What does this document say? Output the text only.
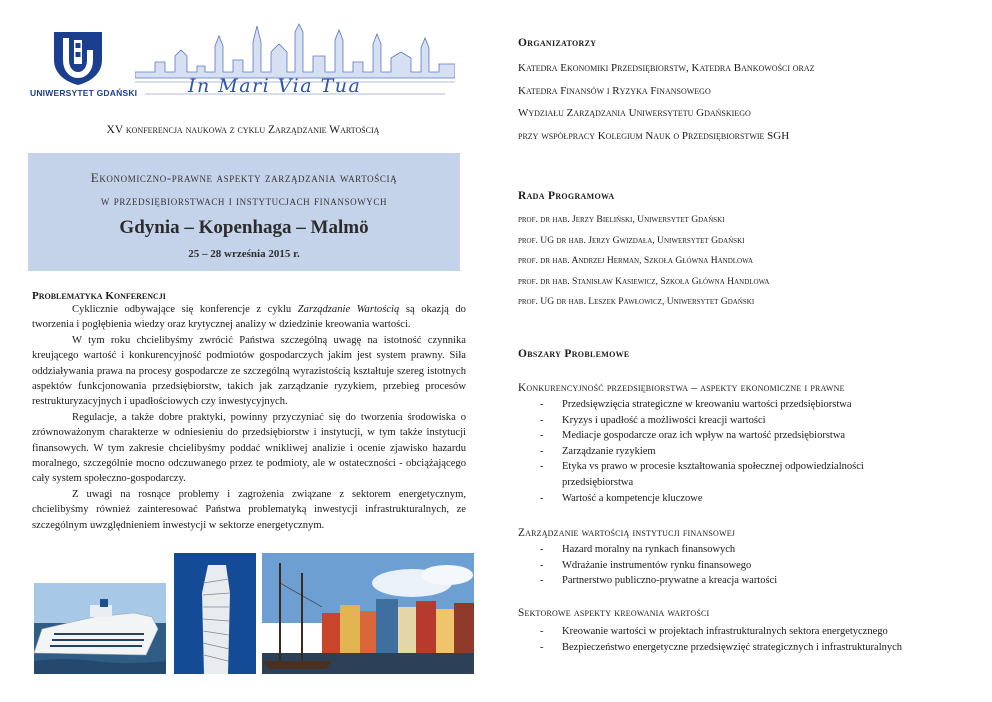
UNIWERSYTET GDAŃSKI	In Mari Via Tua
XV konferencja naukowa z cyklu Zarządzanie Wartością
Ekonomiczno-prawne aspekty zarządzania wartością
w przedsiębiorstwach i instytucjach finansowych
Gdynia – Kopenhaga – Malmö
25 – 28 września 2015 r.
Problematyka Konferencji

Cyklicznie odbywające się konferencje z cyklu Zarządzanie Wartością są okazją do tworzenia i pogłębienia wiedzy oraz krytycznej analizy w dziedzinie kreowania wartości.

W tym roku chcielibyśmy zwrócić Państwa szczególną uwagę na istotność czynnika kreującego wartość i konkurencyjność podmiotów gospodarczych jakim jest system prawny. Siła oddziaływania prawa na procesy gospodarcze ze szczególną wyrazistością kształtuje szereg istotnych aspektów funkcjonowania przedsiębiorstw, takich jak zarządzanie ryzykiem, przebieg procesów restrukturyzacyjnych i upadłościowych czy inwestycyjnych.

Regulacje, a także dobre praktyki, powinny przyczyniać się do tworzenia środowiska o zrównoważonym charakterze w odniesieniu do przedsiębiorstw i instytucji, w tym także instytucji finansowych. W tym zakresie chcielibyśmy poddać wnikliwej analizie i ocenie zjawisko hazardu moralnego, szczególnie mocno odczuwanego przez te podmioty, ale w ostateczności - obciążającego cały system społeczno-gospodarczy.

Z uwagi na rosnące problemy i zagrożenia związane z sektorem energetycznym, chcielibyśmy również zainteresować Państwa problematyką inwestycji infrastrukturalnych, ze szczególnym uwzględnieniem inwestycji w sektorze energetycznym.

Organizatorzy
Katedra Ekonomiki Przedsiębiorstw, Katedra Bankowości oraz
Katedra Finansów i Ryzyka Finansowego
Wydziału Zarządzania Uniwersytetu Gdańskiego
przy współpracy Kolegium Nauk o Przedsiębiorstwie SGH
Rada Programowa
prof. dr hab. Jerzy Bieliński, Uniwersytet Gdański
prof. UG dr hab. Jerzy Gwizdała, Uniwersytet Gdański
prof. dr hab. Andrzej Herman, Szkoła Główna Handlowa
prof. dr hab. Stanisław Kasiewicz, Szkoła Główna Handlowa
prof. UG dr hab. Leszek Pawłowicz, Uniwersytet Gdański
Obszary Problemowe
Konkurencyjność przedsiębiorstwa – aspekty ekonomiczne i prawne
- Przedsięwzięcia strategiczne w kreowaniu wartości przedsiębiorstwa
- Kryzys i upadłość a możliwości kreacji wartości
- Mediacje gospodarcze oraz ich wpływ na wartość przedsiębiorstwa
- Zarządzanie ryzykiem
- Etyka vs prawo w procesie kształtowania społecznej odpowiedzialności przedsiębiorstwa
- Wartość a kompetencje kluczowe
Zarządzanie wartością instytucji finansowej
- Hazard moralny na rynkach finansowych
- Wdrażanie instrumentów rynku finansowego
- Partnerstwo publiczno-prywatne a kreacja wartości
Sektorowe aspekty kreowania wartości
- Kreowanie wartości w projektach infrastrukturalnych sektora energetycznego
- Bezpieczeństwo energetyczne przedsięwzięć strategicznych i infrastrukturalnych
